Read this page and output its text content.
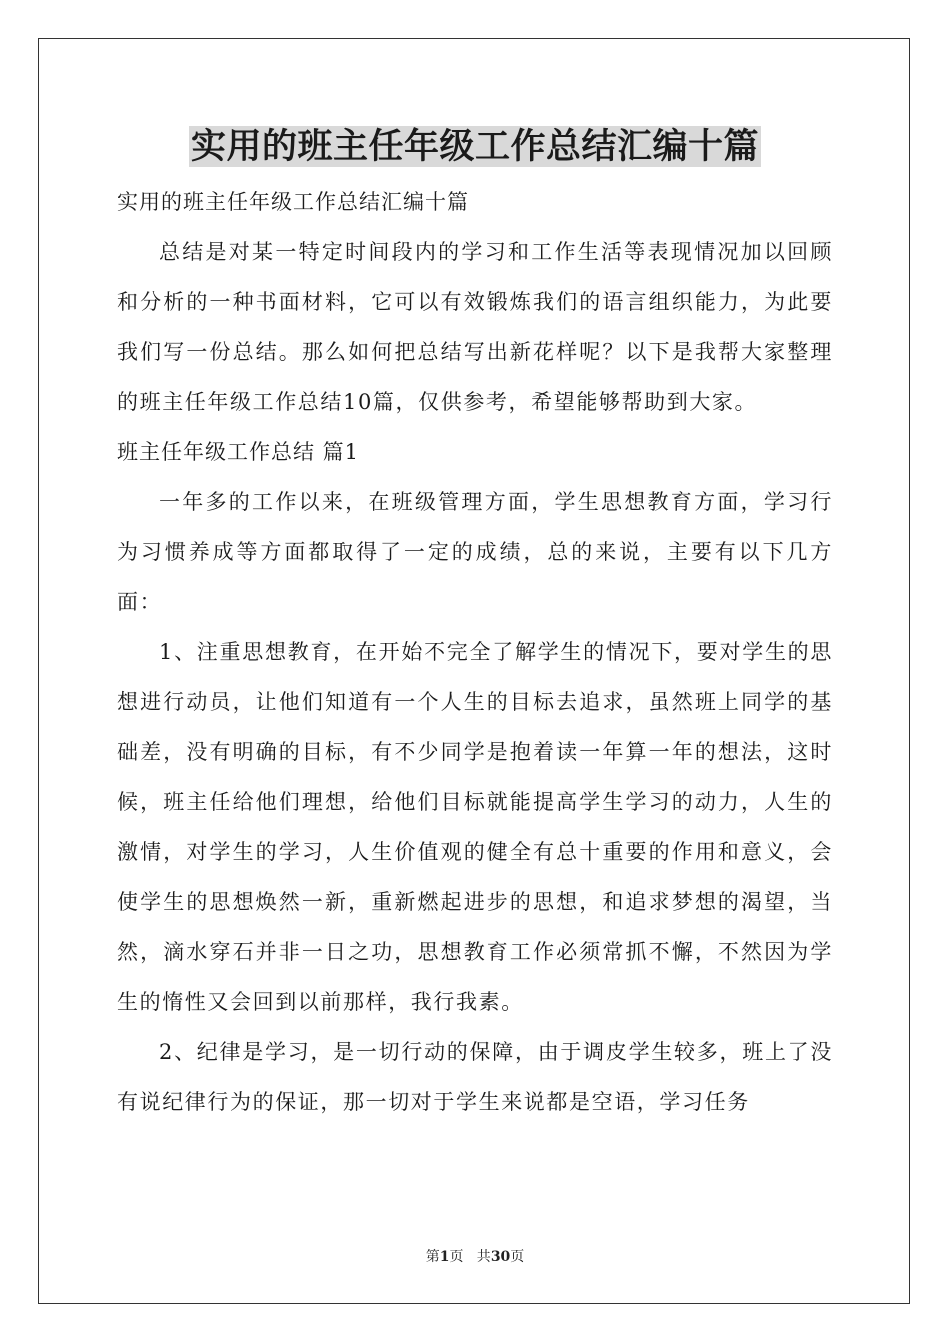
实用的班主任年级工作总结汇编十篇

实用的班主任年级工作总结汇编十篇

总结是对某一特定时间段内的学习和工作生活等表现情况加以回顾和分析的一种书面材料，它可以有效锻炼我们的语言组织能力，为此要我们写一份总结。那么如何把总结写出新花样呢？以下是我帮大家整理的班主任年级工作总结10篇，仅供参考，希望能够帮助到大家。

班主任年级工作总结 篇1

一年多的工作以来，在班级管理方面，学生思想教育方面，学习行为习惯养成等方面都取得了一定的成绩，总的来说，主要有以下几方面：

1、注重思想教育，在开始不完全了解学生的情况下，要对学生的思想进行动员，让他们知道有一个人生的目标去追求，虽然班上同学的基础差，没有明确的目标，有不少同学是抱着读一年算一年的想法，这时候，班主任给他们理想，给他们目标就能提高学生学习的动力，人生的激情，对学生的学习，人生价值观的健全有总十重要的作用和意义，会使学生的思想焕然一新，重新燃起进步的思想，和追求梦想的渴望，当然，滴水穿石并非一日之功，思想教育工作必须常抓不懈，不然因为学生的惰性又会回到以前那样，我行我素。

2、纪律是学习，是一切行动的保障，由于调皮学生较多，班上了没有说纪律行为的保证，那一切对于学生来说都是空语，学习任务

第1页   共30页
